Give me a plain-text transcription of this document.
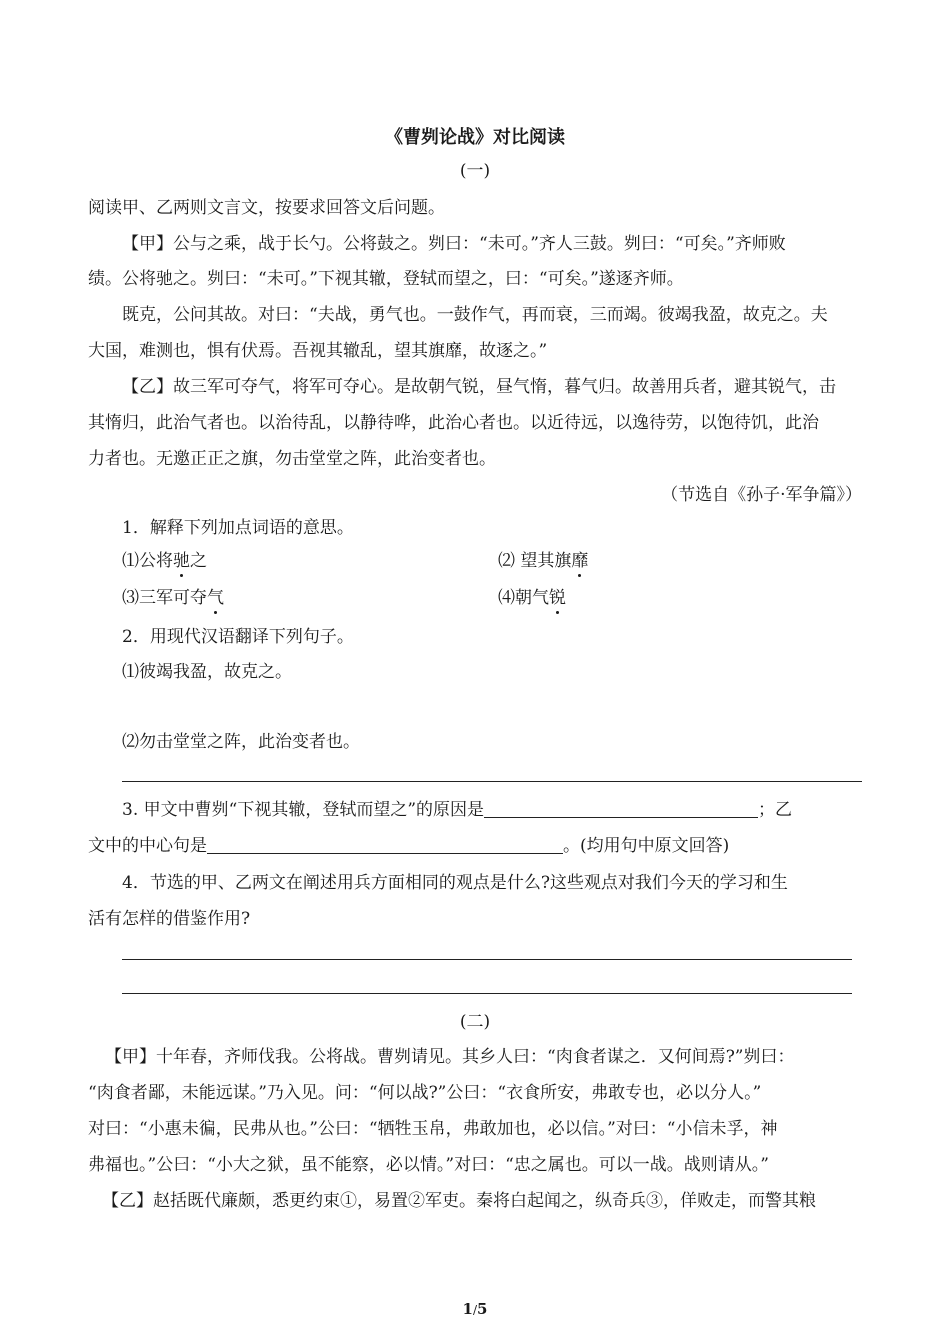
《曹刿论战》对比阅读
(一)
阅读甲、乙两则文言文，按要求回答文后问题。
【甲】公与之乘，战于长勺。公将鼓之。刿曰：“未可。”齐人三鼓。刿曰：“可矣。”齐师败
绩。公将驰之。刿曰：“未可。”下视其辙，登轼而望之，曰：“可矣。”遂逐齐师。
既克，公问其故。对曰：“夫战，勇气也。一鼓作气，再而衰，三而竭。彼竭我盈，故克之。夫
大国，难测也，惧有伏焉。吾视其辙乱，望其旗靡，故逐之。”
【乙】故三军可夺气，将军可夺心。是故朝气锐，昼气惰，暮气归。故善用兵者，避其锐气，击
其惰归，此治气者也。以治待乱，以静待哗，此治心者也。以近待远，以逸待劳，以饱待饥，此治
力者也。无邀正正之旗，勿击堂堂之阵，此治变者也。
（节选自《孙子·军争篇》）
1．解释下列加点词语的意思。
⑴公将驰之	⑵ 望其旗靡
⑶三军可夺气	⑷朝气锐
2．用现代汉语翻译下列句子。
⑴彼竭我盈，故克之。
⑵勿击堂堂之阵，此治变者也。
3. 甲文中曹刿“下视其辙，登轼而望之”的原因是	；乙
文中的中心句是	。(均用句中原文回答)
4．节选的甲、乙两文在阐述用兵方面相同的观点是什么?这些观点对我们今天的学习和生
活有怎样的借鉴作用?
(二)
【甲】十年春，齐师伐我。公将战。曹刿请见。其乡人曰：“肉食者谋之．又何间焉?”刿曰：
“肉食者鄙，未能远谋。”乃入见。问：“何以战?”公曰：“衣食所安，弗敢专也，必以分人。”
对曰：“小惠未徧，民弗从也。”公曰：“牺牲玉帛，弗敢加也，必以信。”对曰：“小信未孚，神
弗福也。”公曰：“小大之狱，虽不能察，必以情。”对曰：“忠之属也。可以一战。战则请从。”
【乙】赵括既代廉颇，悉更约束①，易置②军吏。秦将白起闻之，纵奇兵③，佯败走，而警其粮
1/5
